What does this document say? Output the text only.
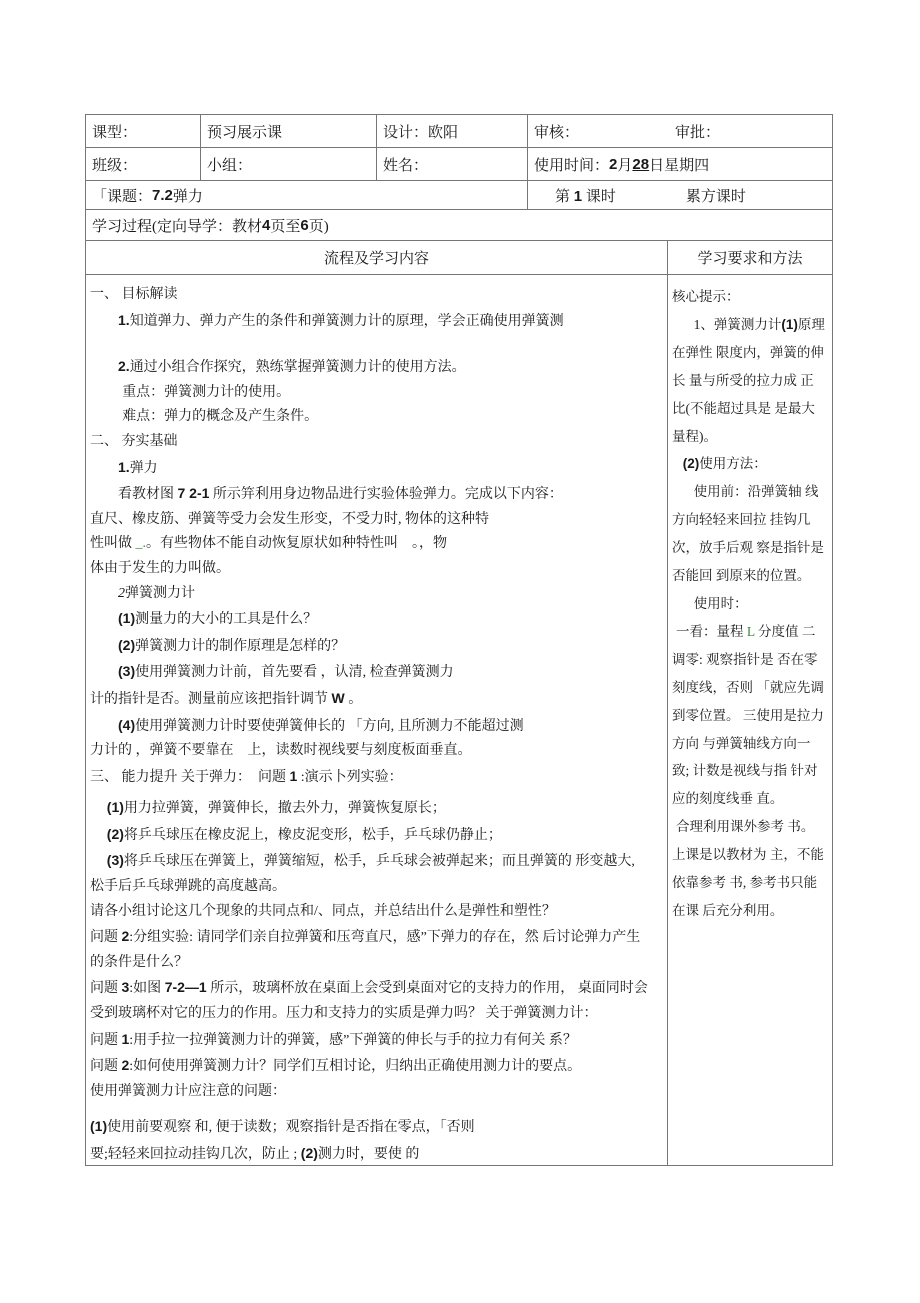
课型：	预习展示课	设计：欧阳	审核：	审批：
班级：	小组：	姓名：	使用时间： 2 月 28 日星期四
「课题： 7.2 弹力	第 1 课时	累方课时
学习过程(定向导学：教材 4 页至 6 页)
流程及学习内容	学习要求和方法
一、 目标解读
1.知道弹力、弹力产生的条件和弹簧测力计的原理，学会正确使用弹簧测
2.通过小组合作探究，熟练掌握弹簧测力计的使用方法。
重点：弹簧测力计的使用。
难点：弹力的概念及产生条件。
二、 夯实基础
1.弹力
看教材图 7 2-1 所示笄利用身边物品进行实验体验弹力。完成以下内容：
直尺、橡皮筋、弹簧等受力会发生形变，不受力时, 物体的这种特
性叫做 _.。有些物体不能自动恢复原状如种特性叫　。，物
体由于发生的力叫做。
2弹簧测力计
(1)测量力的大小的工具是什么？
(2)弹簧测力计的制作原理是怎样的？
(3)使用弹簧测力计前，首先要看 ，认清, 检查弹簧测力
计的指针是否。测量前应该把指针调节 W 。
(4)使用弹簧测力计时要使弹簧伸长的 「方向, 且所测力不能超过测
力计的 ，弹簧不要靠在　上，读数时视线要与刻度板面垂直。
三、 能力提升 关于弹力：　问题 1 :演示卜列实验：
(1)用力拉弹簧，弹簧伸长，撤去外力，弹簧恢复原长；
(2)将乒乓球压在橡皮泥上，橡皮泥变形，松手，乒乓球仍静止；
(3)将乒乓球压在弹簧上，弹簧缩短，松手，乒乓球会被弹起来；而且弹簧的 形变越大,
松手后乒乓球弹跳的高度越高。
请各小组讨论这几个现象的共同点和/、同点，并总结出什么是弹性和塑性？
问题 2:分组实验: 请同学们亲自拉弹簧和压弯直尺，感”下弹力的存在，然 后讨论弹力产生
的条件是什么？
问题 3:如图 7-2—1 所示，玻璃杯放在桌面上会受到桌面对它的支持力的作用， 桌面同时会
受到玻璃杯对它的压力的作用。压力和支持力的实质是弹力吗？ 关于弹簧测力计：
问题 1:用手拉一拉弹簧测力计的弹簧，感”下弹簧的伸长与手的拉力有何关 系？
问题 2:如何使用弹簧测力计？同学们互相讨论，归纳出正确使用测力计的要点。
使用弹簧测力计应注意的问题：
(1)使用前要观察 和, 便于读数；观察指针是否指在零点，「否则
要;轻轻来回拉动挂钩几次，防止 ; (2)测力时，要使 的
核心提示：
1、弹簧测力计(1)原理
在弹性 限度内，弹簧的伸
长 量与所受的拉力成 正
比(不能超过具是 是最大
量程)。
(2)使用方法：
使用前：沿弹簧轴 线
方向轻轻来回拉 挂钩几
次，放手后观 察是指针是
否能回 到原来的位置。
使用时：
一看：量程 L 分度值 二
调零: 观察指针是 否在零
刻度线，否则 「就应先调
到零位置。 三使用是拉力
方向 与弹簧轴线方向一
致; 计数是视线与指 针对
应的刻度线垂 直。
合理利用课外参考 书。
上课是以教材为 主，不能
依靠参考 书, 参考书只能
在课 后充分利用。
